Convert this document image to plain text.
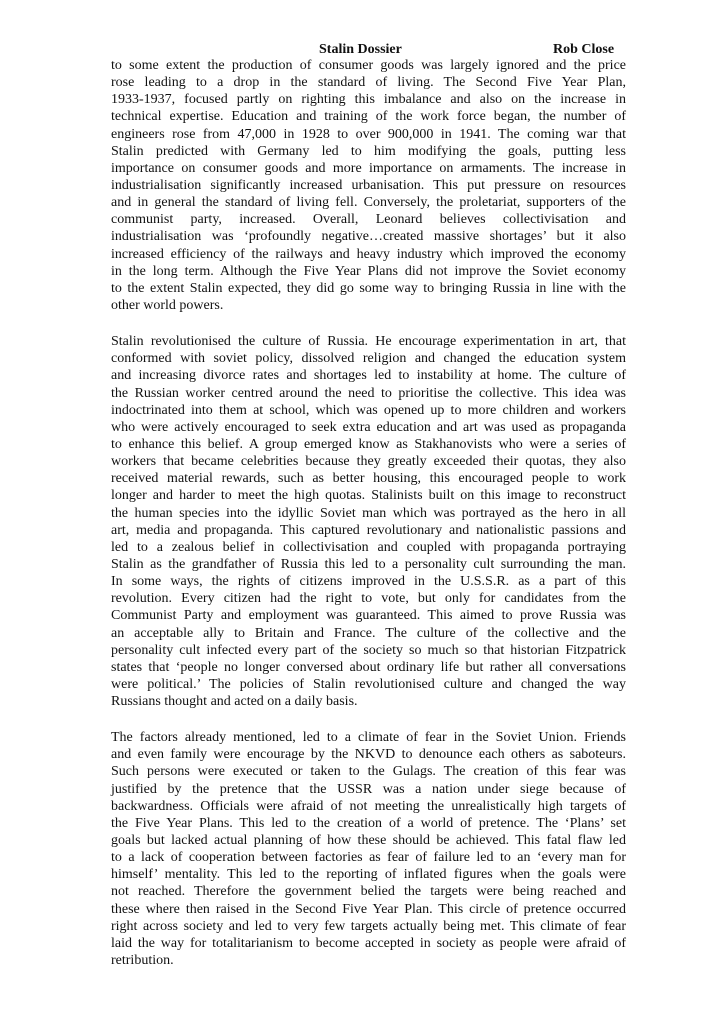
Stalin Dossier	Rob Close
to some extent the production of consumer goods was largely ignored and the price
rose leading to a drop in the standard of living. The Second Five Year Plan,
1933-1937, focused partly on righting this imbalance and also on the increase in
technical expertise. Education and training of the work force began, the number of
engineers rose from 47,000 in 1928 to over 900,000 in 1941. The coming war that
Stalin predicted with Germany led to him modifying the goals, putting less
importance on consumer goods and more importance on armaments. The increase in
industrialisation significantly increased urbanisation. This put pressure on resources
and in general the standard of living fell. Conversely, the proletariat, supporters of the
communist party, increased. Overall, Leonard believes collectivisation and
industrialisation was ‘profoundly negative…created massive shortages’ but it also
increased efficiency of the railways and heavy industry which improved the economy
in the long term. Although the Five Year Plans did not improve the Soviet economy
to the extent Stalin expected, they did go some way to bringing Russia in line with the
other world powers.
Stalin revolutionised the culture of Russia. He encourage experimentation in art, that
conformed with soviet policy, dissolved religion and changed the education system
and increasing divorce rates and shortages led to instability at home. The culture of
the Russian worker centred around the need to prioritise the collective. This idea was
indoctrinated into them at school, which was opened up to more children and workers
who were actively encouraged to seek extra education and art was used as propaganda
to enhance this belief. A group emerged know as Stakhanovists who were a series of
workers that became celebrities because they greatly exceeded their quotas, they also
received material rewards, such as better housing, this encouraged people to work
longer and harder to meet the high quotas. Stalinists built on this image to reconstruct
the human species into the idyllic Soviet man which was portrayed as the hero in all
art, media and propaganda. This captured revolutionary and nationalistic passions and
led to a zealous belief in collectivisation and coupled with propaganda portraying
Stalin as the grandfather of Russia this led to a personality cult surrounding the man.
In some ways, the rights of citizens improved in the U.S.S.R. as a part of this
revolution. Every citizen had the right to vote, but only for candidates from the
Communist Party and employment was guaranteed. This aimed to prove Russia was
an acceptable ally to Britain and France. The culture of the collective and the
personality cult infected every part of the society so much so that historian Fitzpatrick
states that ‘people no longer conversed about ordinary life but rather all conversations
were political.’ The policies of Stalin revolutionised culture and changed the way
Russians thought and acted on a daily basis.
The factors already mentioned, led to a climate of fear in the Soviet Union. Friends
and even family were encourage by the NKVD to denounce each others as saboteurs.
Such persons were executed or taken to the Gulags. The creation of this fear was
justified by the pretence that the USSR was a nation under siege because of
backwardness. Officials were afraid of not meeting the unrealistically high targets of
the Five Year Plans. This led to the creation of a world of pretence. The ‘Plans’ set
goals but lacked actual planning of how these should be achieved. This fatal flaw led
to a lack of cooperation between factories as fear of failure led to an ‘every man for
himself’ mentality. This led to the reporting of inflated figures when the goals were
not reached. Therefore the government belied the targets were being reached and
these where then raised in the Second Five Year Plan. This circle of pretence occurred
right across society and led to very few targets actually being met. This climate of fear
laid the way for totalitarianism to become accepted in society as people were afraid of
retribution.
